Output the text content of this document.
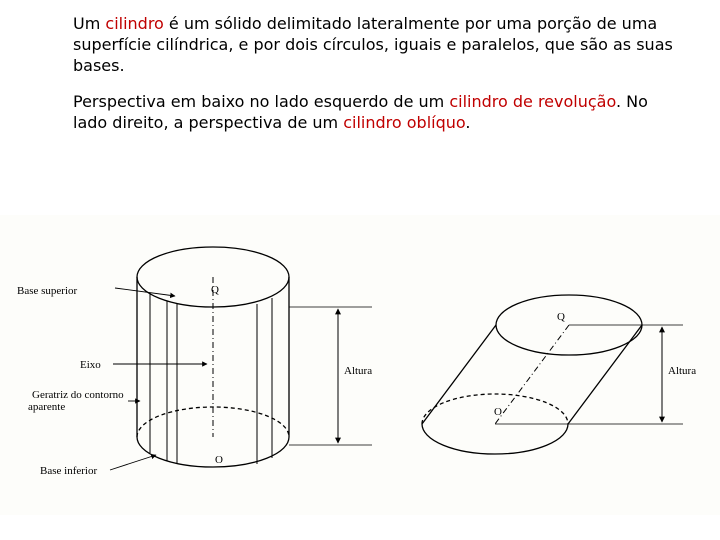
Um cilindro é um sólido delimitado lateralmente por uma porção de uma superfície cilíndrica, e por dois círculos, iguais e paralelos, que são as suas bases.
Perspectiva em baixo no lado esquerdo de um cilindro de revolução. No lado direito, a perspectiva de um cilindro oblíquo.
Base superior
Eixo
Geratriz do contorno
aparente
Base inferior
Q
O
Altura
Q
O
Altura
